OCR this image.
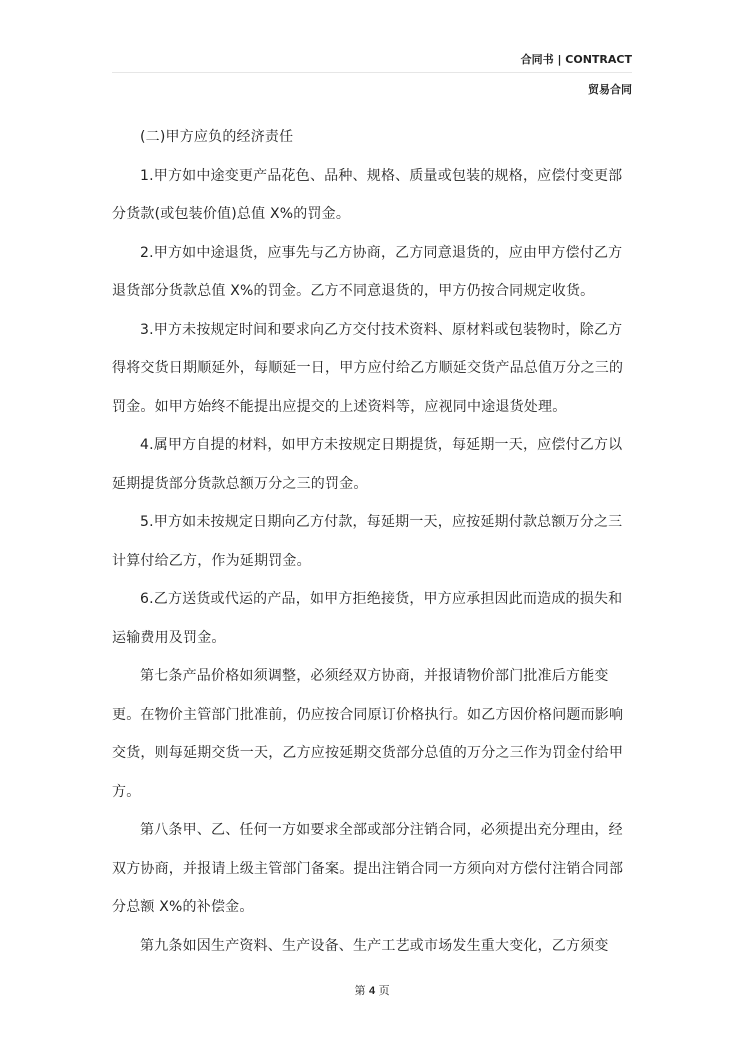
合同书 | CONTRACT
贸易合同

(二)甲方应负的经济责任

1.甲方如中途变更产品花色、品种、规格、质量或包装的规格，应偿付变更部分货款(或包装价值)总值 X%的罚金。

2.甲方如中途退货，应事先与乙方协商，乙方同意退货的，应由甲方偿付乙方退货部分货款总值 X%的罚金。乙方不同意退货的，甲方仍按合同规定收货。

3.甲方未按规定时间和要求向乙方交付技术资料、原材料或包装物时，除乙方得将交货日期顺延外，每顺延一日，甲方应付给乙方顺延交货产品总值万分之三的罚金。如甲方始终不能提出应提交的上述资料等，应视同中途退货处理。

4.属甲方自提的材料，如甲方未按规定日期提货，每延期一天，应偿付乙方以延期提货部分货款总额万分之三的罚金。

5.甲方如未按规定日期向乙方付款，每延期一天，应按延期付款总额万分之三计算付给乙方，作为延期罚金。

6.乙方送货或代运的产品，如甲方拒绝接货，甲方应承担因此而造成的损失和运输费用及罚金。

第七条产品价格如须调整，必须经双方协商，并报请物价部门批准后方能变更。在物价主管部门批准前，仍应按合同原订价格执行。如乙方因价格问题而影响交货，则每延期交货一天，乙方应按延期交货部分总值的万分之三作为罚金付给甲方。

第八条甲、乙、任何一方如要求全部或部分注销合同，必须提出充分理由，经双方协商，并报请上级主管部门备案。提出注销合同一方须向对方偿付注销合同部分总额 X%的补偿金。

第九条如因生产资料、生产设备、生产工艺或市场发生重大变化，乙方须变

第 4 页
